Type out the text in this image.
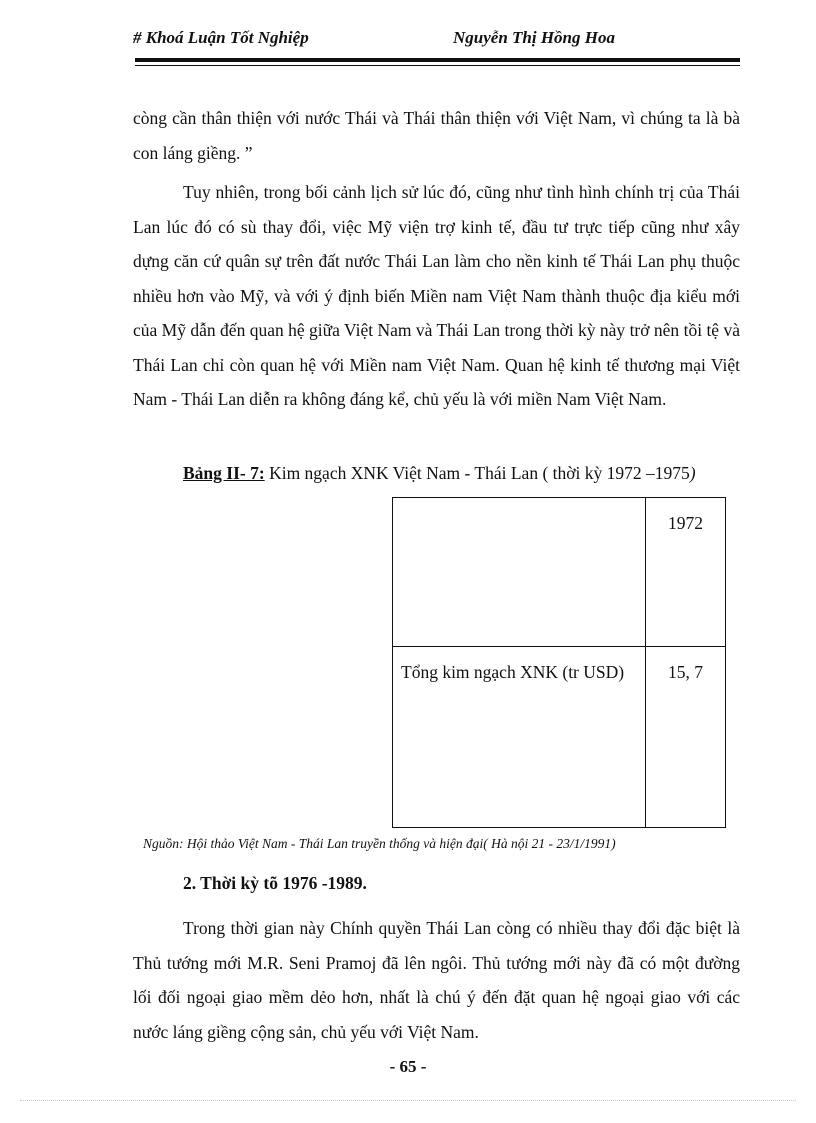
# Khoá Luận Tốt Nghiệp	Nguyễn Thị Hồng Hoa

còng cần thân thiện với nước Thái và Thái thân thiện với Việt Nam, vì chúng ta là bà con láng giềng. ”

Tuy nhiên, trong bối cảnh lịch sử lúc đó, cũng như tình hình chính trị của Thái Lan lúc đó có sù thay đổi, việc Mỹ viện trợ kinh tế, đầu tư trực tiếp cũng như xây dựng căn cứ quân sự trên đất nước Thái Lan làm cho nền kinh tế Thái Lan phụ thuộc nhiều hơn vào Mỹ, và với ý định biến Miền nam Việt Nam thành thuộc địa kiểu mới của Mỹ dẫn đến quan hệ giữa Việt Nam và Thái Lan trong thời kỳ này trở nên tồi tệ và Thái Lan chỉ còn quan hệ với Miền nam Việt Nam. Quan hệ kinh tế thương mại Việt Nam - Thái Lan diễn ra không đáng kể, chủ yếu là với miền Nam Việt Nam.

Bảng II- 7: Kim ngạch XNK Việt Nam - Thái Lan ( thời kỳ 1972 –1975)
	1972
Tổng kim ngạch XNK (tr USD)	15, 7
Nguồn: Hội thảo Việt Nam - Thái Lan truyền thống và hiện đại( Hà nội 21 - 23/1/1991)
2. Thời kỳ tõ 1976 -1989.

Trong thời gian này Chính quyền Thái Lan còng có nhiều thay đổi đặc biệt là Thủ tướng mới M.R. Seni Pramoj đã lên ngôi. Thủ tướng mới này đã có một đường lối đối ngoại giao mềm dẻo hơn, nhất là chú ý đến đặt quan hệ ngoại giao với các nước láng giềng cộng sản, chủ yếu với Việt Nam.

- 65 -
